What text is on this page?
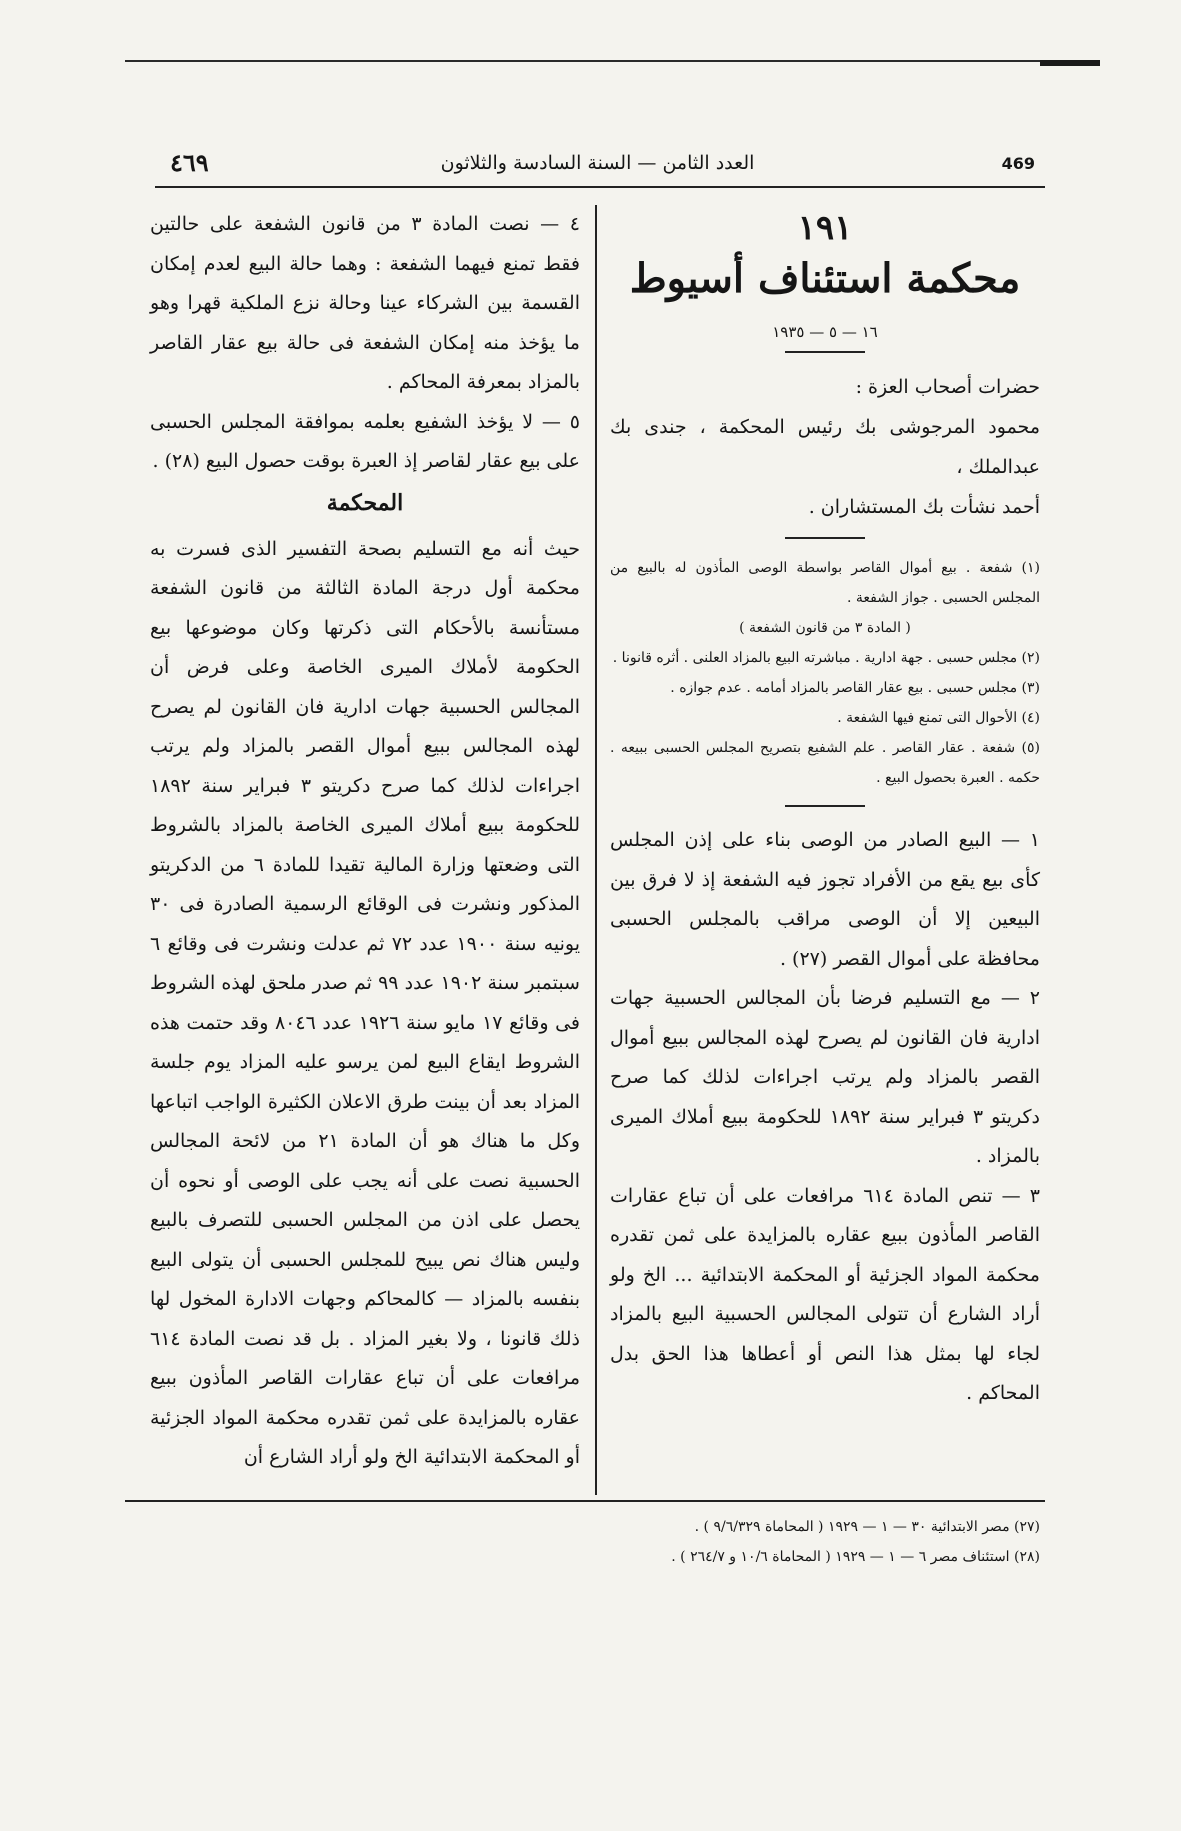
469
العدد الثامن — السنة السادسة والثلاثون
٤٦٩

١٩١

محكمة استئناف أسيوط

١٦ — ٥ — ١٩٣٥

حضرات أصحاب العزة :

محمود المرجوشى بك رئيس المحكمة ، جندى بك عبدالملك ،

أحمد نشأت بك المستشاران .

(١) شفعة . بيع أموال القاصر بواسطة الوصى المأذون له بالبيع من المجلس الحسبى . جواز الشفعة .

( المادة ٣ من قانون الشفعة )

(٢) مجلس حسبى . جهة ادارية . مباشرته البيع بالمزاد العلنى . أثره قانونا .

(٣) مجلس حسبى . بيع عقار القاصر بالمزاد أمامه . عدم جوازه .

(٤) الأحوال التى تمنع فيها الشفعة .

(٥) شفعة . عقار القاصر . علم الشفيع بتصريح المجلس الحسبى ببيعه . حكمه . العبرة بحصول البيع .

١ — البيع الصادر من الوصى بناء على إذن المجلس كأى بيع يقع من الأفراد تجوز فيه الشفعة إذ لا فرق بين البيعين إلا أن الوصى مراقب بالمجلس الحسبى محافظة على أموال القصر (٢٧) .

٢ — مع التسليم فرضا بأن المجالس الحسبية جهات ادارية فان القانون لم يصرح لهذه المجالس ببيع أموال القصر بالمزاد ولم يرتب اجراءات لذلك كما صرح دكريتو ٣ فبراير سنة ١٨٩٢ للحكومة ببيع أملاك الميرى بالمزاد .

٣ — تنص المادة ٦١٤ مرافعات على أن تباع عقارات القاصر المأذون ببيع عقاره بالمزايدة على ثمن تقدره محكمة المواد الجزئية أو المحكمة الابتدائية ... الخ ولو أراد الشارع أن تتولى المجالس الحسبية البيع بالمزاد لجاء لها بمثل هذا النص أو أعطاها هذا الحق بدل المحاكم .

٤ — نصت المادة ٣ من قانون الشفعة على حالتين فقط تمنع فيهما الشفعة : وهما حالة البيع لعدم إمكان القسمة بين الشركاء عينا وحالة نزع الملكية قهرا وهو ما يؤخذ منه إمكان الشفعة فى حالة بيع عقار القاصر بالمزاد بمعرفة المحاكم .

٥ — لا يؤخذ الشفيع بعلمه بموافقة المجلس الحسبى على بيع عقار لقاصر إذ العبرة بوقت حصول البيع (٢٨) .

المحكمة

حيث أنه مع التسليم بصحة التفسير الذى فسرت به محكمة أول درجة المادة الثالثة من قانون الشفعة مستأنسة بالأحكام التى ذكرتها وكان موضوعها بيع الحكومة لأملاك الميرى الخاصة وعلى فرض أن المجالس الحسبية جهات ادارية فان القانون لم يصرح لهذه المجالس ببيع أموال القصر بالمزاد ولم يرتب اجراءات لذلك كما صرح دكريتو ٣ فبراير سنة ١٨٩٢ للحكومة ببيع أملاك الميرى الخاصة بالمزاد بالشروط التى وضعتها وزارة المالية تقيدا للمادة ٦ من الدكريتو المذكور ونشرت فى الوقائع الرسمية الصادرة فى ٣٠ يونيه سنة ١٩٠٠ عدد ٧٢ ثم عدلت ونشرت فى وقائع ٦ سبتمبر سنة ١٩٠٢ عدد ٩٩ ثم صدر ملحق لهذه الشروط فى وقائع ١٧ مايو سنة ١٩٢٦ عدد ٨٠٤٦ وقد حتمت هذه الشروط ايقاع البيع لمن يرسو عليه المزاد يوم جلسة المزاد بعد أن بينت طرق الاعلان الكثيرة الواجب اتباعها وكل ما هناك هو أن المادة ٢١ من لائحة المجالس الحسبية نصت على أنه يجب على الوصى أو نحوه أن يحصل على اذن من المجلس الحسبى للتصرف بالبيع وليس هناك نص يبيح للمجلس الحسبى أن يتولى البيع بنفسه بالمزاد — كالمحاكم وجهات الادارة المخول لها ذلك قانونا ، ولا بغير المزاد . بل قد نصت المادة ٦١٤ مرافعات على أن تباع عقارات القاصر المأذون ببيع عقاره بالمزايدة على ثمن تقدره محكمة المواد الجزئية أو المحكمة الابتدائية الخ ولو أراد الشارع أن

(٢٧) مصر الابتدائية ٣٠ — ١ — ١٩٢٩ ( المحاماة ٩/٦/٣٢٩ ) .

(٢٨) استئناف مصر ٦ — ١ — ١٩٢٩ ( المحاماة ١٠/٦ و ٢٦٤/٧ ) .
